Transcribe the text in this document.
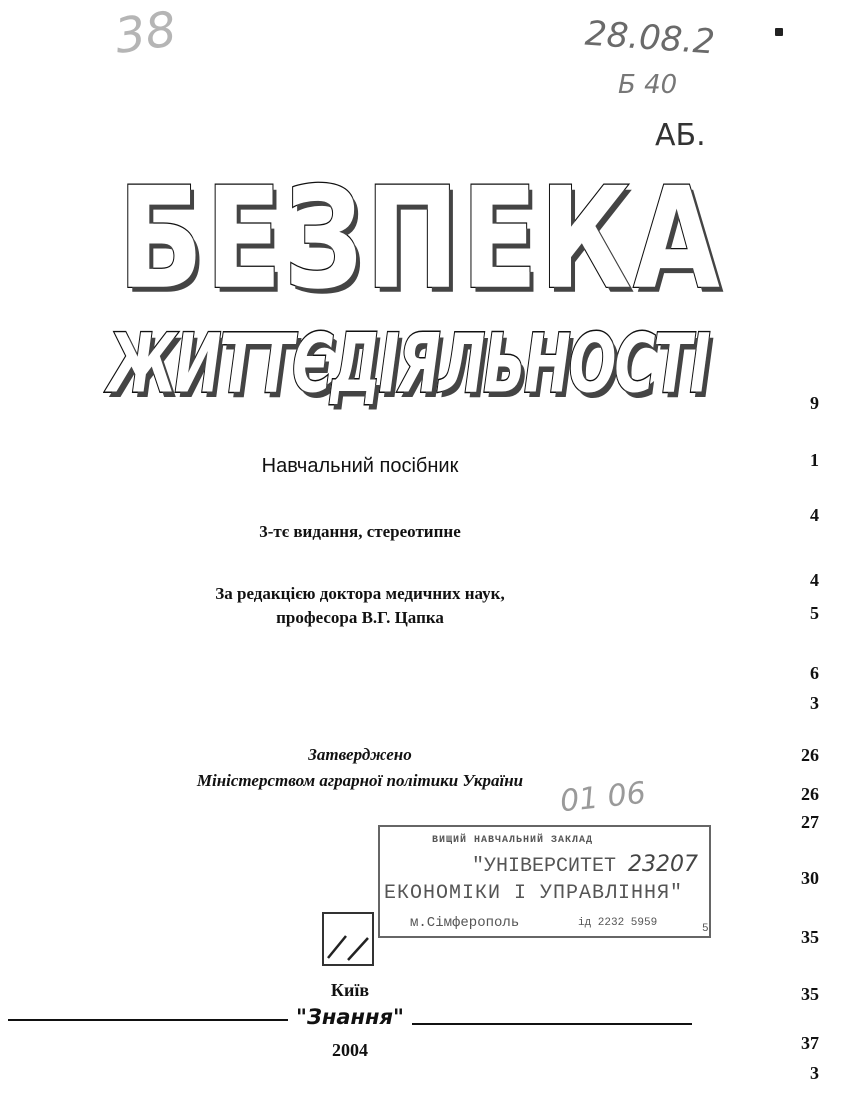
38	28.08.2
Б 40
АБ.
БЕЗПЕКА
ЖИТТЄДІЯЛЬНОСТІ

Навчальний посібник

3-тє видання, стереотипне

За редакцією доктора медичних наук,
професора В.Г. Цапка
Затверджено
Міністерством аграрної політики України	01 06
ВИЩИЙ НАВЧАЛЬНИЙ ЗАКЛАД
"УНІВЕРСИТЕТ 23207
ЕКОНОМІКИ І УПРАВЛІННЯ"
м.Сімферополь	ід 2232 5959	5

Київ

"Знання"

2004

9
1
4
4
5
6
3
26
26
27
30
35
35
37
3
